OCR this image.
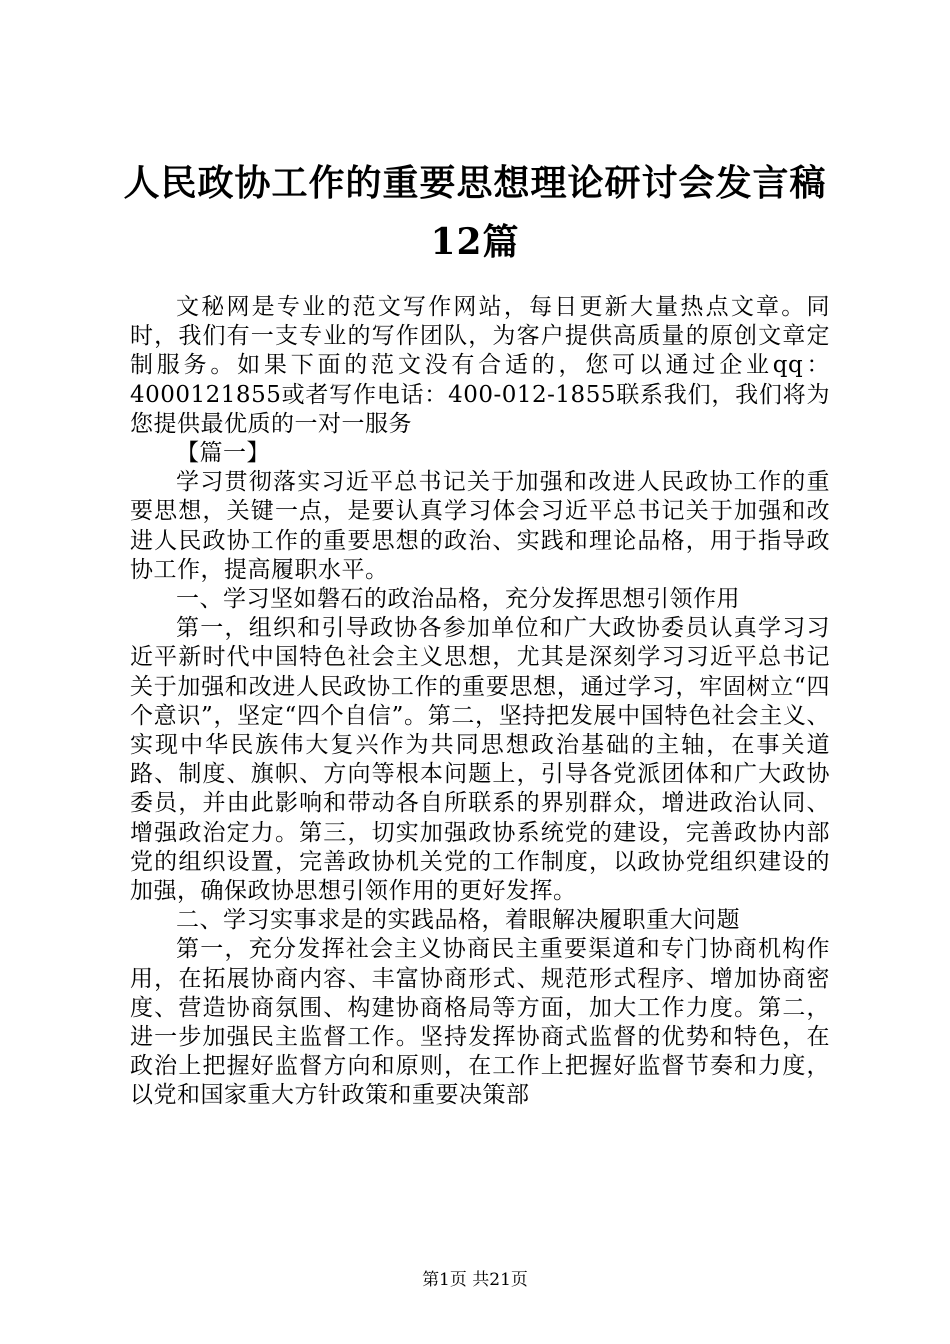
人民政协工作的重要思想理论研讨会发言稿
12篇

文秘网是专业的范文写作网站，每日更新大量热点文章。同时，我们有一支专业的写作团队，为客户提供高质量的原创文章定制服务。如果下面的范文没有合适的，您可以通过企业qq：4000121855或者写作电话：400-012-1855联系我们，我们将为您提供最优质的一对一服务

【篇一】

学习贯彻落实习近平总书记关于加强和改进人民政协工作的重要思想，关键一点，是要认真学习体会习近平总书记关于加强和改进人民政协工作的重要思想的政治、实践和理论品格，用于指导政协工作，提高履职水平。

一、学习坚如磐石的政治品格，充分发挥思想引领作用

第一，组织和引导政协各参加单位和广大政协委员认真学习习近平新时代中国特色社会主义思想，尤其是深刻学习习近平总书记关于加强和改进人民政协工作的重要思想，通过学习，牢固树立“四个意识”，坚定“四个自信”。第二，坚持把发展中国特色社会主义、实现中华民族伟大复兴作为共同思想政治基础的主轴，在事关道路、制度、旗帜、方向等根本问题上，引导各党派团体和广大政协委员，并由此影响和带动各自所联系的界别群众，增进政治认同、增强政治定力。第三，切实加强政协系统党的建设，完善政协内部党的组织设置，完善政协机关党的工作制度，以政协党组织建设的加强，确保政协思想引领作用的更好发挥。

二、学习实事求是的实践品格，着眼解决履职重大问题

第一，充分发挥社会主义协商民主重要渠道和专门协商机构作用，在拓展协商内容、丰富协商形式、规范形式程序、增加协商密度、营造协商氛围、构建协商格局等方面，加大工作力度。第二，进一步加强民主监督工作。坚持发挥协商式监督的优势和特色，在政治上把握好监督方向和原则，在工作上把握好监督节奏和力度，以党和国家重大方针政策和重要决策部

第1页 共21页
